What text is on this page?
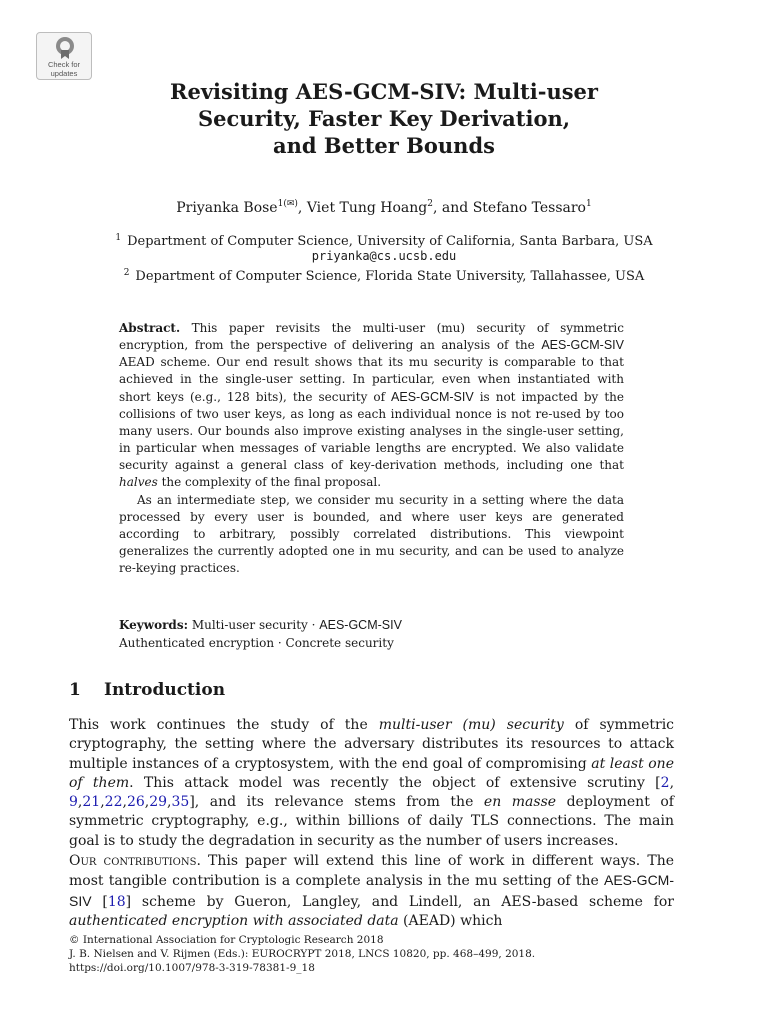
Check for
updates
Revisiting AES-GCM-SIV: Multi-user
Security, Faster Key Derivation,
and Better Bounds

Priyanka Bose$^{1(✉)}$, Viet Tung Hoang$^2$, and Stefano Tessaro$^1$

$^1$ Department of Computer Science, University of California, Santa Barbara, USA

priyanka@cs.ucsb.edu

$^2$ Department of Computer Science, Florida State University, Tallahassee, USA

Abstract. This paper revisits the multi-user (mu) security of symmetric encryption, from the perspective of delivering an analysis of the AES-GCM-SIV AEAD scheme. Our end result shows that its mu security is comparable to that achieved in the single-user setting. In particular, even when instantiated with short keys (e.g., 128 bits), the security of AES-GCM-SIV is not impacted by the collisions of two user keys, as long as each individual nonce is not re-used by too many users. Our bounds also improve existing analyses in the single-user setting, in particular when messages of variable lengths are encrypted. We also validate security against a general class of key-derivation methods, including one that halves the complexity of the final proposal.

As an intermediate step, we consider mu security in a setting where the data processed by every user is bounded, and where user keys are generated according to arbitrary, possibly correlated distributions. This viewpoint generalizes the currently adopted one in mu security, and can be used to analyze re-keying practices.

Keywords: Multi-user security · AES-GCM-SIV
Authenticated encryption · Concrete security
1 Introduction

This work continues the study of the multi-user (mu) security of symmetric cryptography, the setting where the adversary distributes its resources to attack multiple instances of a cryptosystem, with the end goal of compromising at least one of them. This attack model was recently the object of extensive scrutiny [2, 9,21,22,26,29,35], and its relevance stems from the en masse deployment of symmetric cryptography, e.g., within billions of daily TLS connections. The main goal is to study the degradation in security as the number of users increases.

Our contributions. This paper will extend this line of work in different ways. The most tangible contribution is a complete analysis in the mu setting of the AES-GCM-SIV [18] scheme by Gueron, Langley, and Lindell, an AES-based scheme for authenticated encryption with associated data (AEAD) which

© International Association for Cryptologic Research 2018
J. B. Nielsen and V. Rijmen (Eds.): EUROCRYPT 2018, LNCS 10820, pp. 468–499, 2018.
https://doi.org/10.1007/978-3-319-78381-9_18
